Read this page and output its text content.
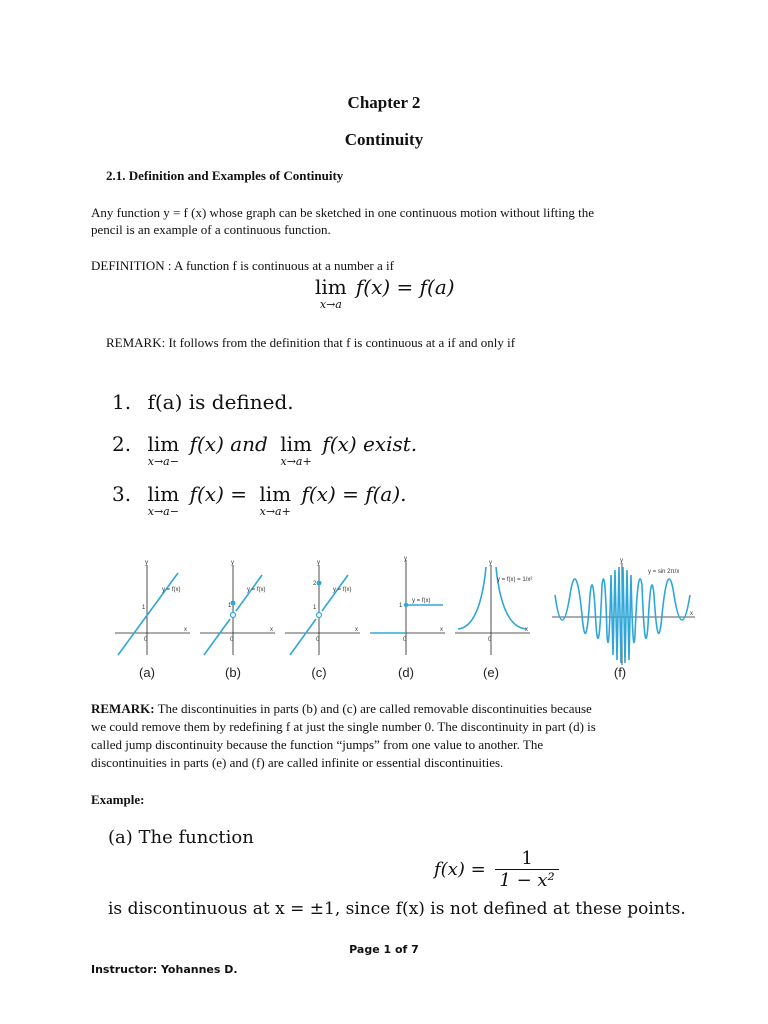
Chapter 2
Continuity
2.1. Definition and Examples of Continuity
Any function y = f (x) whose graph can be sketched in one continuous motion without lifting the
pencil is an example of a continuous function.
DEFINITION : A function f is continuous at a number a if
lim
x→a
f(x) = f(a)
REMARK: It follows from the definition that f is continuous at a if and only if
1. f(a) is defined.
2. lim
x→a−
f(x) and lim
x→a+
f(x) exist.
3. lim
x→a−
f(x) = lim
x→a+
f(x) = f(a).
y = f(x)	y = f(x)	y = f(x)
y = f(x)
y = f(x) = 1/x²
y = sin 2π/x
0	0	0	0	0
1	1
2
1	1
x	x	x	x	x
x
y	y	y
y
y	y
(a)	(b)	(c)	(d)	(e)	(f)
REMARK: The discontinuities in parts (b) and (c) are called removable discontinuities because
we could remove them by redefining f at just the single number 0. The discontinuity in part (d) is
called jump discontinuity because the function “jumps” from one value to another. The
discontinuities in parts (e) and (f) are called infinite or essential discontinuities.
Example:
(a) The function
$f(x) = \frac{1}{\text{1 − x²}}$
is discontinuous at x = ±1, since f(x) is not defined at these points.
Page 1 of 7
Instructor: Yohannes D.
